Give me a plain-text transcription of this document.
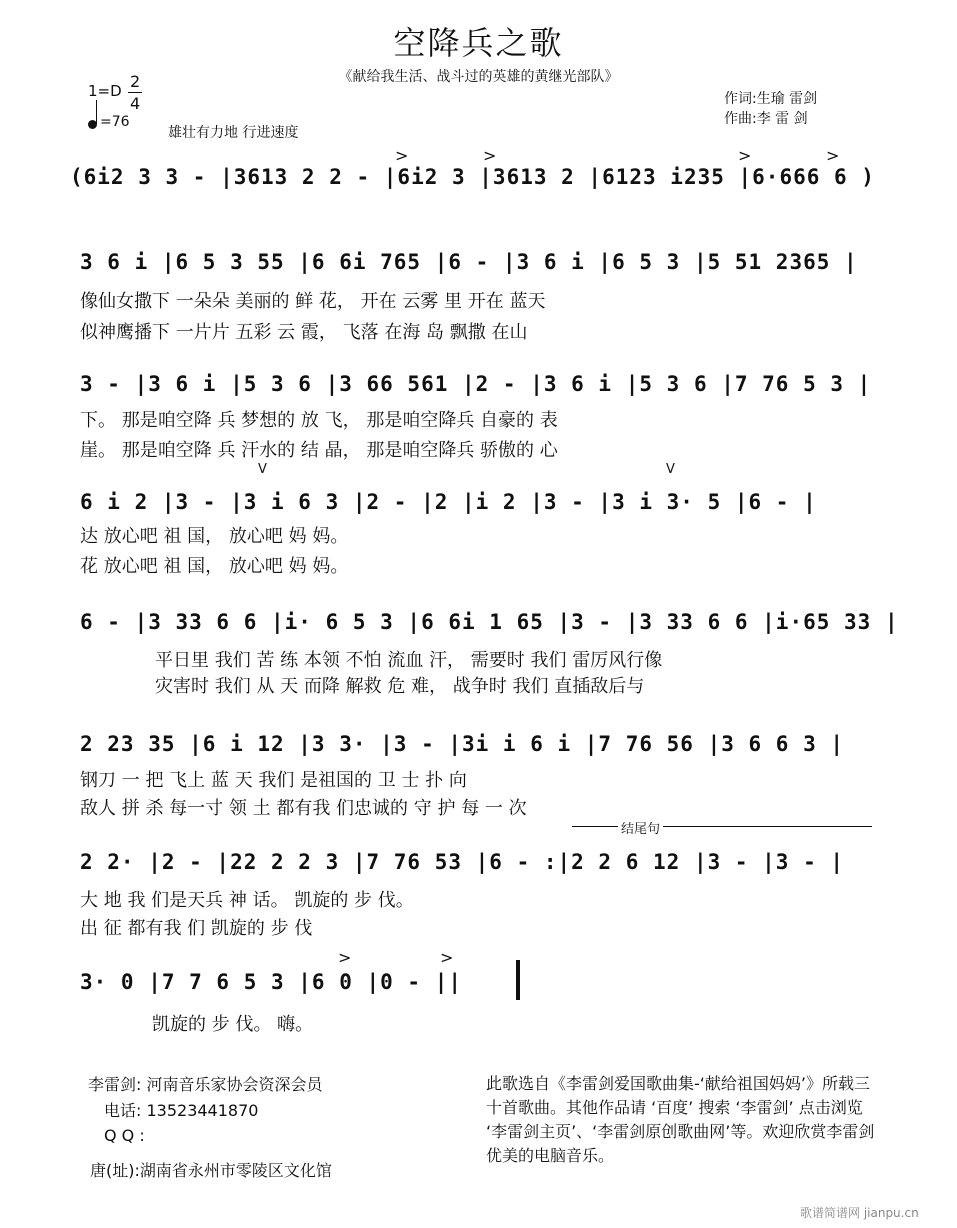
空降兵之歌
《献给我生活、战斗过的英雄的黄继光部队》
1=D 2
4
=76
雄壮有力地 行进速度
作词:生瑜 雷剑
作曲:李 雷 剑
(6i2 3 3 - |3613 2 2 - |6i2 3 |3613 2 |6123 i235 |6·666 6 )
>	>	>	>
3 6 i |6 5 3 55 |6 6i 765 |6 - |3 6 i |6 5 3 |5 51 2365 |
像仙女撒下 一朵朵 美丽的 鲜 花， 开在 云雾 里 开在 蓝天
似神鹰播下 一片片 五彩 云 霞， 飞落 在海 岛 飘撒 在山
3 - |3 6 i |5 3 6 |3 66 561 |2 - |3 6 i |5 3 6 |7 76 5 3 |
下。 那是咱空降 兵 梦想的 放 飞， 那是咱空降兵 自豪的 表
崖。 那是咱空降 兵 汗水的 结 晶， 那是咱空降兵 骄傲的 心
6 i 2 |3 - |3 i 6 3 |2 - |2 |i 2 |3 - |3 i 3· 5 |6 - |
达 放心吧 祖 国， 放心吧 妈 妈。
花 放心吧 祖 国， 放心吧 妈 妈。
V	V
6 - |3 33 6 6 |i· 6 5 3 |6 6i 1 65 |3 - |3 33 6 6 |i·65 33 |
平日里 我们 苦 练 本领 不怕 流血 汗， 需要时 我们 雷厉风行像
灾害时 我们 从 天 而降 解救 危 难， 战争时 我们 直插敌后与
2 23 35 |6 i 12 |3 3· |3 - |3i i 6 i |7 76 56 |3 6 6 3 |
钢刀 一 把 飞上 蓝 天 我们 是祖国的 卫 士 扑 向
敌人 拼 杀 每一寸 领 土 都有我 们忠诚的 守 护 每 一 次
结尾句
2 2· |2 - |22 2 2 3 |7 76 53 |6 - :|2 2 6 12 |3 - |3 - |
大 地 我 们是天兵 神 话。 凯旋的 步 伐。
出 征 都有我 们 凯旋的 步 伐
3· 0 |7 7 6 5 3 |6 0 |0 - ||
凯旋的 步 伐。 嗨。
>	>
李雷剑: 河南音乐家协会资深会员
电话: 13523441870
Q Q :
唐(址):湖南省永州市零陵区文化馆
此歌选自《李雷剑爱国歌曲集-‘献给祖国妈妈’》所载三十首歌曲。其他作品请 ‘百度’ 搜索 ‘李雷剑’ 点击浏览 ‘李雷剑主页’、‘李雷剑原创歌曲网’等。欢迎欣赏李雷剑优美的电脑音乐。
歌谱简谱网 jianpu.cn
